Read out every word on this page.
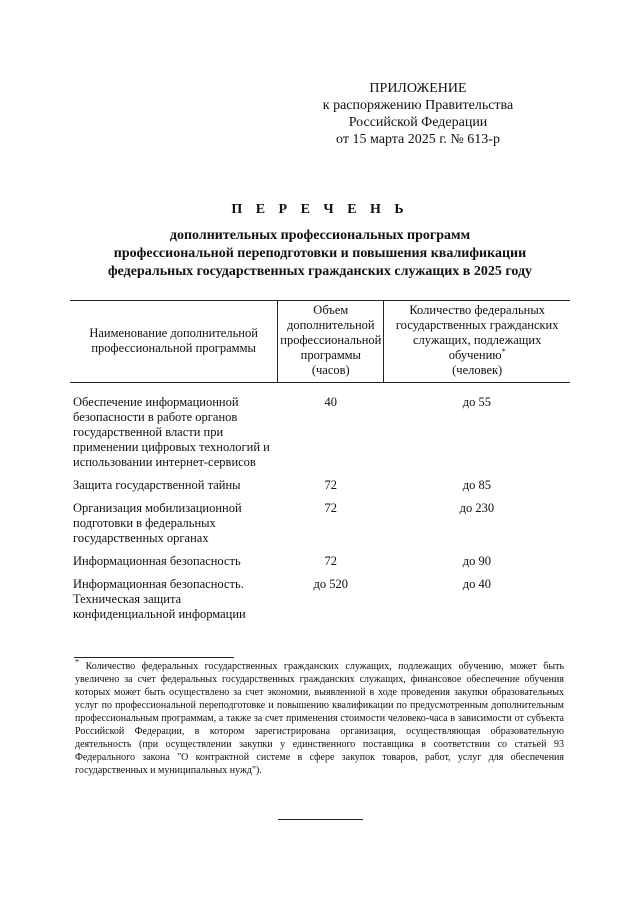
ПРИЛОЖЕНИЕ
к распоряжению Правительства
Российской Федерации
от 15 марта 2025 г. № 613-р
П Е Р Е Ч Е Н Ь
дополнительных профессиональных программ
профессиональной переподготовки и повышения квалификации
федеральных государственных гражданских служащих в 2025 году
Наименование дополнительной профессиональной программы	Объем дополнительной профессиональной программы (часов)	Количество федеральных государственных гражданских служащих, подлежащих обучению*
(человек)
Обеспечение информационной безопасности в работе органов государственной власти при применении цифровых технологий и использовании интернет-сервисов	40	до 55
Защита государственной тайны	72	до 85
Организация мобилизационной подготовки в федеральных государственных органах	72	до 230
Информационная безопасность	72	до 90
Информационная безопасность. Техническая защита конфиденциальной информации	до 520	до 40
* Количество федеральных государственных гражданских служащих, подлежащих обучению, может быть увеличено за счет федеральных государственных гражданских служащих, финансовое обеспечение обучения которых может быть осуществлено за счет экономии, выявленной в ходе проведения закупки образовательных услуг по профессиональной переподготовке и повышению квалификации по предусмотренным дополнительным профессиональным программам, а также за счет применения стоимости человеко-часа в зависимости от субъекта Российской Федерации, в котором зарегистрирована организация, осуществляющая образовательную деятельность (при осуществлении закупки у единственного поставщика в соответствии со статьей 93 Федерального закона "О контрактной системе в сфере закупок товаров, работ, услуг для обеспечения государственных и муниципальных нужд").
